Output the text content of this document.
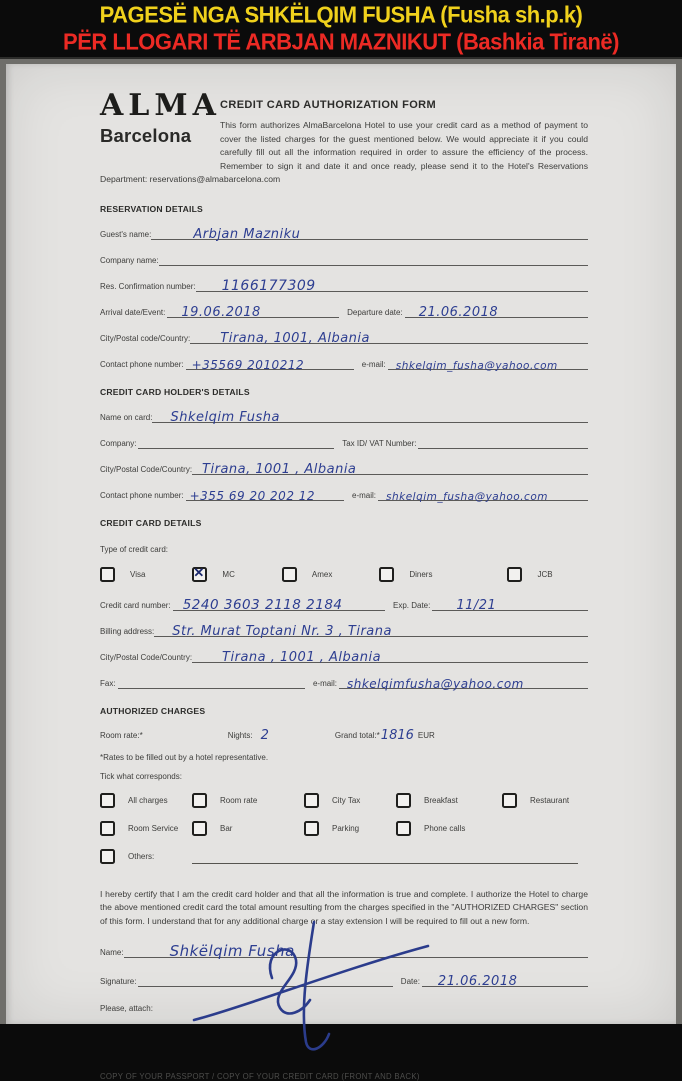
PAGESË NGA SHKËLQIM FUSHA (Fusha sh.p.k)
PËR LLOGARI TË ARBJAN MAZNIKUT (Bashkia Tiranë)
ALMA
Barcelona
CREDIT CARD AUTHORIZATION FORM
This form authorizes AlmaBarcelona Hotel to use your credit card as a method of payment to cover the listed charges for the guest mentioned below. We would appreciate it if you could carefully fill out all the information required in order to assure the efficiency of the process. Remember to sign it and date it and once ready, please send it to the Hotel's Reservations Department: reservations@almabarcelona.com
RESERVATION DETAILS
Guest's name:	Arbjan Mazniku
Company name:
Res. Confirmation number: 1166177309
Arrival date/Event: 19.06.2018	Departure date: 21.06.2018
City/Postal code/Country: Tirana, 1001, Albania
Contact phone number: +35569 2010212	e-mail: shkelqim_fusha@yahoo.com
CREDIT CARD HOLDER'S DETAILS
Name on card: Shkelqim Fusha
Company:	Tax ID/ VAT Number:
City/Postal Code/Country: Tirana, 1001 , Albania
Contact phone number: +355 69 20 202 12	e-mail: shkelqim_fusha@yahoo.com
CREDIT CARD DETAILS
Type of credit card:
Visa	✕ MC	Amex	Diners	JCB
Credit card number: 5240 3603 2118 2184	Exp. Date: 11/21
Billing address: Str. Murat Toptani Nr. 3 , Tirana
City/Postal Code/Country: Tirana , 1001 , Albania
Fax:	e-mail: shkelqimfusha@yahoo.com
AUTHORIZED CHARGES
Room rate:*	Nights: 2	Grand total:* 1816 EUR
*Rates to be filled out by a hotel representative.
Tick what corresponds:
All charges	Room rate	City Tax	Breakfast	Restaurant
Room Service	Bar	Parking	Phone calls
Others:
I hereby certify that I am the credit card holder and that all the information is true and complete. I authorize the Hotel to charge the above mentioned credit card the total amount resulting from the charges specified in the "AUTHORIZED CHARGES" section of this form. I understand that for any additional charge or a stay extension I will be required to fill out a new form.
Name:	Shkëlqim Fusha
Signature:	Date: 21.06.2018
Please, attach:
COPY OF YOUR PASSPORT / COPY OF YOUR CREDIT CARD (FRONT AND BACK)
